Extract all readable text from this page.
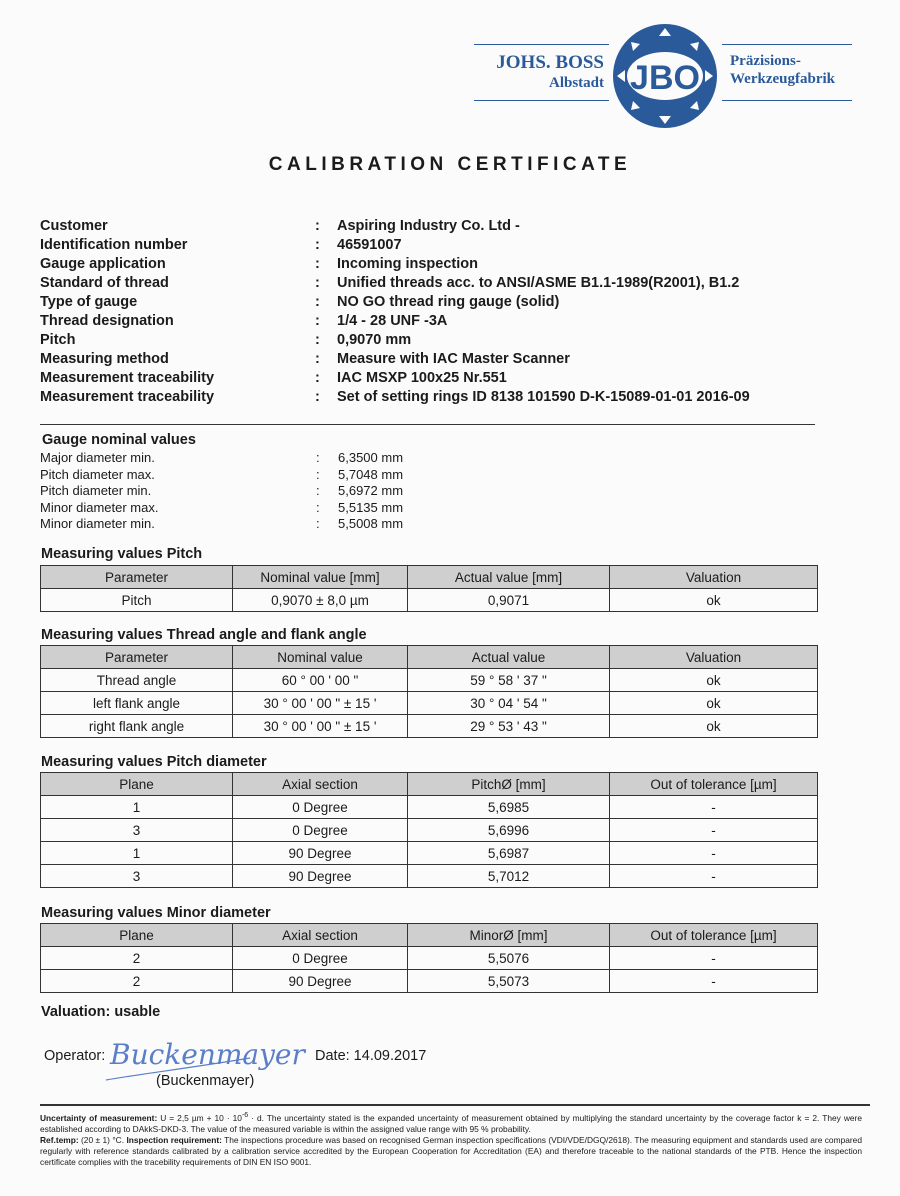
JOHS. BOSS
Albstadt JBO Präzisions-
Werkzeugfabrik
CALIBRATION CERTIFICATE
Customer	: Aspiring Industry Co. Ltd -
Identification number	: 46591007
Gauge application	: Incoming inspection
Standard of thread	: Unified threads acc. to ANSI/ASME B1.1-1989(R2001), B1.2
Type of gauge	: NO GO thread ring gauge (solid)
Thread designation	: 1/4 - 28 UNF -3A
Pitch	: 0,9070 mm
Measuring method	: Measure with IAC Master Scanner
Measurement traceability	: IAC MSXP 100x25 Nr.551
Measurement traceability	: Set of setting rings ID 8138 101590 D-K-15089-01-01 2016-09
Gauge nominal values
Major diameter min.	: 6,3500 mm
Pitch diameter max.	: 5,7048 mm
Pitch diameter min.	: 5,6972 mm
Minor diameter max.	: 5,5135 mm
Minor diameter min.	: 5,5008 mm
Measuring values Pitch
Parameter	Nominal value [mm]	Actual value [mm]	Valuation
Pitch	0,9070 ± 8,0 µm	0,9071	ok
Measuring values Thread angle and flank angle
Parameter	Nominal value	Actual value	Valuation
Thread angle	60 ° 00 ' 00 "	59 ° 58 ' 37 "	ok
left flank angle	30 ° 00 ' 00 " ± 15 '	30 ° 04 ' 54 "	ok
right flank angle	30 ° 00 ' 00 " ± 15 '	29 ° 53 ' 43 "	ok
Measuring values Pitch diameter
Plane	Axial section	PitchØ [mm]	Out of tolerance [µm]
1	0 Degree	5,6985	-
3	0 Degree	5,6996	-
1	90 Degree	5,6987	-
3	90 Degree	5,7012	-
Measuring values Minor diameter
Plane	Axial section	MinorØ [mm]	Out of tolerance [µm]
2	0 Degree	5,5076	-
2	90 Degree	5,5073	-
Valuation: usable
Operator: Buckenmayer Date: 14.09.2017
(Buckenmayer)
Uncertainty of measurement: U = 2,5 $\mu m + 10 \cdot 10^{-6} \cdot d$. The uncertainty stated is the expanded uncertainty of measurement obtained by multiplying the standard uncertainty by the coverage factor k = 2. They were established according to DAkkS-DKD-3. The value of the measured variable is within the assigned value range with 95 % probability.
Ref.temp: (20 ± 1) °C. Inspection requirement: The inspections procedure was based on recognised German inspection specifications (VDI/VDE/DGQ/2618). The measuring equipment and standards used are compared regularly with reference standards calibrated by a calibration service accredited by the European Cooperation for Accreditation (EA) and therefore traceable to the national standards of the PTB. Hence the inspection certificate complies with the tracebility requirements of DIN EN ISO 9001.
